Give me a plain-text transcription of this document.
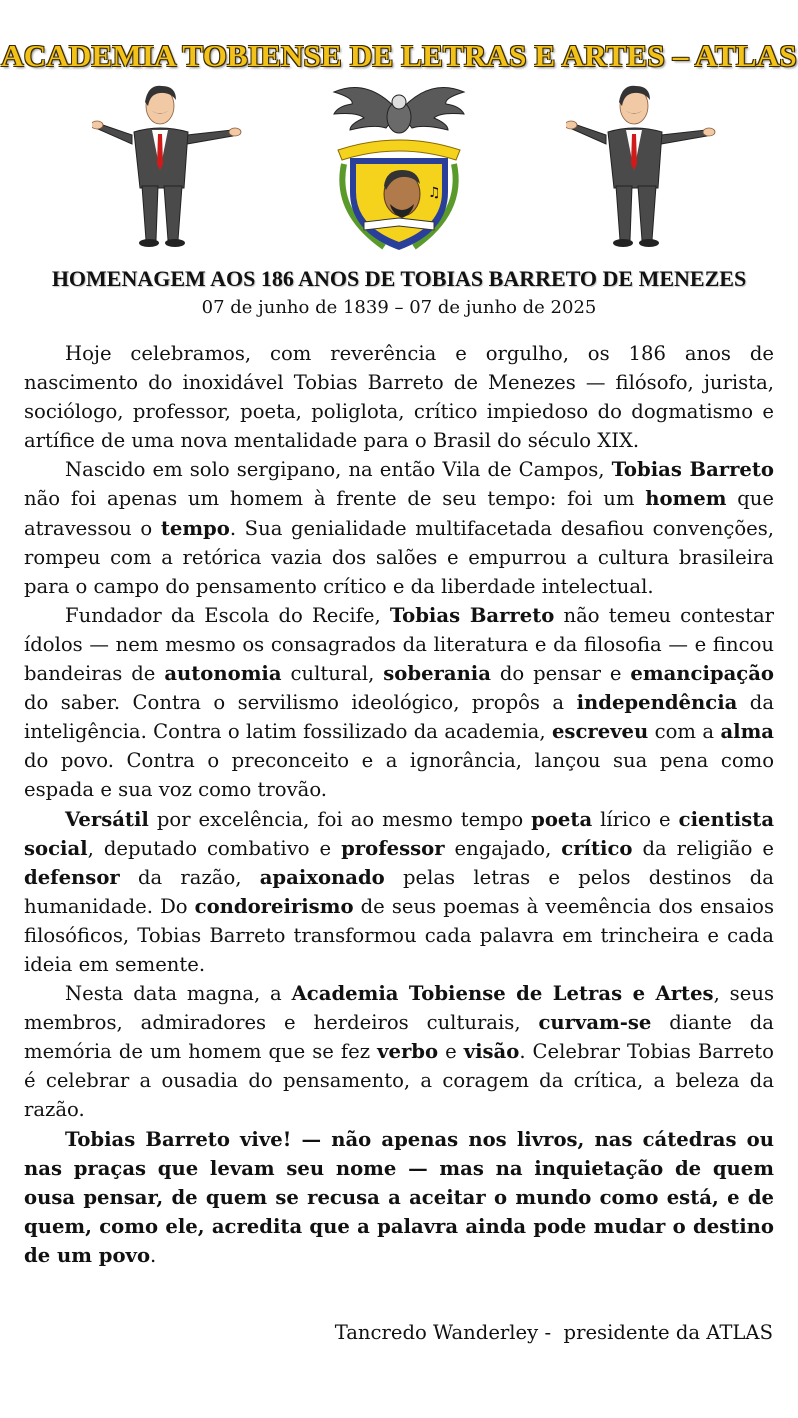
ACADEMIA TOBIENSE DE LETRAS E ARTES – ATLAS
♫
HOMENAGEM AOS 186 ANOS DE TOBIAS BARRETO DE MENEZES
07 de junho de 1839 – 07 de junho de 2025

Hoje celebramos, com reverência e orgulho, os 186 anos de nascimento do inoxidável Tobias Barreto de Menezes — filósofo, jurista, sociólogo, professor, poeta, poliglota, crítico impiedoso do dogmatismo e artífice de uma nova mentalidade para o Brasil do século XIX.

Nascido em solo sergipano, na então Vila de Campos, Tobias Barreto não foi apenas um homem à frente de seu tempo: foi um homem que atravessou o tempo. Sua genialidade multifacetada desafiou convenções, rompeu com a retórica vazia dos salões e empurrou a cultura brasileira para o campo do pensamento crítico e da liberdade intelectual.

Fundador da Escola do Recife, Tobias Barreto não temeu contestar ídolos — nem mesmo os consagrados da literatura e da filosofia — e fincou bandeiras de autonomia cultural, soberania do pensar e emancipação do saber. Contra o servilismo ideológico, propôs a independência da inteligência. Contra o latim fossilizado da academia, escreveu com a alma do povo. Contra o preconceito e a ignorância, lançou sua pena como espada e sua voz como trovão.

Versátil por excelência, foi ao mesmo tempo poeta lírico e cientista social, deputado combativo e professor engajado, crítico da religião e defensor da razão, apaixonado pelas letras e pelos destinos da humanidade. Do condoreirismo de seus poemas à veemência dos ensaios filosóficos, Tobias Barreto transformou cada palavra em trincheira e cada ideia em semente.

Nesta data magna, a Academia Tobiense de Letras e Artes, seus membros, admiradores e herdeiros culturais, curvam-se diante da memória de um homem que se fez verbo e visão. Celebrar Tobias Barreto é celebrar a ousadia do pensamento, a coragem da crítica, a beleza da razão.

Tobias Barreto vive! — não apenas nos livros, nas cátedras ou nas praças que levam seu nome — mas na inquietação de quem ousa pensar, de quem se recusa a aceitar o mundo como está, e de quem, como ele, acredita que a palavra ainda pode mudar o destino de um povo.

Tancredo Wanderley -  presidente da ATLAS
